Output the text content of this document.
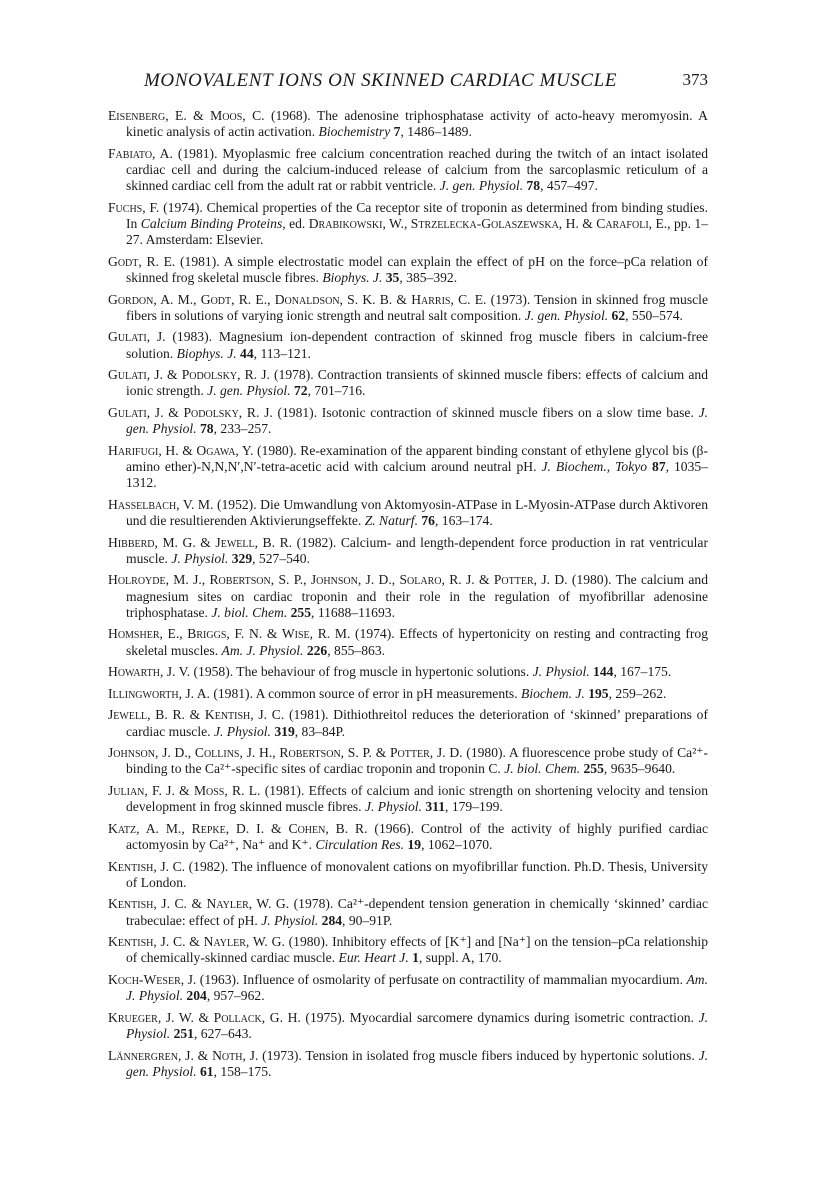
MONOVALENT IONS ON SKINNED CARDIAC MUSCLE	373

Eisenberg, E. & Moos, C. (1968). The adenosine triphosphatase activity of acto-heavy meromyosin. A kinetic analysis of actin activation. Biochemistry 7, 1486–1489.

Fabiato, A. (1981). Myoplasmic free calcium concentration reached during the twitch of an intact isolated cardiac cell and during the calcium-induced release of calcium from the sarcoplasmic reticulum of a skinned cardiac cell from the adult rat or rabbit ventricle. J. gen. Physiol. 78, 457–497.

Fuchs, F. (1974). Chemical properties of the Ca receptor site of troponin as determined from binding studies. In Calcium Binding Proteins, ed. Drabikowski, W., Strzelecka-Golaszewska, H. & Carafoli, E., pp. 1–27. Amsterdam: Elsevier.

Godt, R. E. (1981). A simple electrostatic model can explain the effect of pH on the force–pCa relation of skinned frog skeletal muscle fibres. Biophys. J. 35, 385–392.

Gordon, A. M., Godt, R. E., Donaldson, S. K. B. & Harris, C. E. (1973). Tension in skinned frog muscle fibers in solutions of varying ionic strength and neutral salt composition. J. gen. Physiol. 62, 550–574.

Gulati, J. (1983). Magnesium ion-dependent contraction of skinned frog muscle fibers in calcium-free solution. Biophys. J. 44, 113–121.

Gulati, J. & Podolsky, R. J. (1978). Contraction transients of skinned muscle fibers: effects of calcium and ionic strength. J. gen. Physiol. 72, 701–716.

Gulati, J. & Podolsky, R. J. (1981). Isotonic contraction of skinned muscle fibers on a slow time base. J. gen. Physiol. 78, 233–257.

Harifugi, H. & Ogawa, Y. (1980). Re-examination of the apparent binding constant of ethylene glycol bis (β-amino ether)-N,N,N′,N′-tetra-acetic acid with calcium around neutral pH. J. Biochem., Tokyo 87, 1035–1312.

Hasselbach, V. M. (1952). Die Umwandlung von Aktomyosin-ATPase in L-Myosin-ATPase durch Aktivoren und die resultierenden Aktivierungseffekte. Z. Naturf. 76, 163–174.

Hibberd, M. G. & Jewell, B. R. (1982). Calcium- and length-dependent force production in rat ventricular muscle. J. Physiol. 329, 527–540.

Holroyde, M. J., Robertson, S. P., Johnson, J. D., Solaro, R. J. & Potter, J. D. (1980). The calcium and magnesium sites on cardiac troponin and their role in the regulation of myofibrillar adenosine triphosphatase. J. biol. Chem. 255, 11688–11693.

Homsher, E., Briggs, F. N. & Wise, R. M. (1974). Effects of hypertonicity on resting and contracting frog skeletal muscles. Am. J. Physiol. 226, 855–863.

Howarth, J. V. (1958). The behaviour of frog muscle in hypertonic solutions. J. Physiol. 144, 167–175.

Illingworth, J. A. (1981). A common source of error in pH measurements. Biochem. J. 195, 259–262.

Jewell, B. R. & Kentish, J. C. (1981). Dithiothreitol reduces the deterioration of ‘skinned’ preparations of cardiac muscle. J. Physiol. 319, 83–84P.

Johnson, J. D., Collins, J. H., Robertson, S. P. & Potter, J. D. (1980). A fluorescence probe study of Ca²⁺-binding to the Ca²⁺-specific sites of cardiac troponin and troponin C. J. biol. Chem. 255, 9635–9640.

Julian, F. J. & Moss, R. L. (1981). Effects of calcium and ionic strength on shortening velocity and tension development in frog skinned muscle fibres. J. Physiol. 311, 179–199.

Katz, A. M., Repke, D. I. & Cohen, B. R. (1966). Control of the activity of highly purified cardiac actomyosin by Ca²⁺, Na⁺ and K⁺. Circulation Res. 19, 1062–1070.

Kentish, J. C. (1982). The influence of monovalent cations on myofibrillar function. Ph.D. Thesis, University of London.

Kentish, J. C. & Nayler, W. G. (1978). Ca²⁺-dependent tension generation in chemically ‘skinned’ cardiac trabeculae: effect of pH. J. Physiol. 284, 90–91P.

Kentish, J. C. & Nayler, W. G. (1980). Inhibitory effects of [K⁺] and [Na⁺] on the tension–pCa relationship of chemically-skinned cardiac muscle. Eur. Heart J. 1, suppl. A, 170.

Koch-Weser, J. (1963). Influence of osmolarity of perfusate on contractility of mammalian myocardium. Am. J. Physiol. 204, 957–962.

Krueger, J. W. & Pollack, G. H. (1975). Myocardial sarcomere dynamics during isometric contraction. J. Physiol. 251, 627–643.

Lännergren, J. & Noth, J. (1973). Tension in isolated frog muscle fibers induced by hypertonic solutions. J. gen. Physiol. 61, 158–175.
